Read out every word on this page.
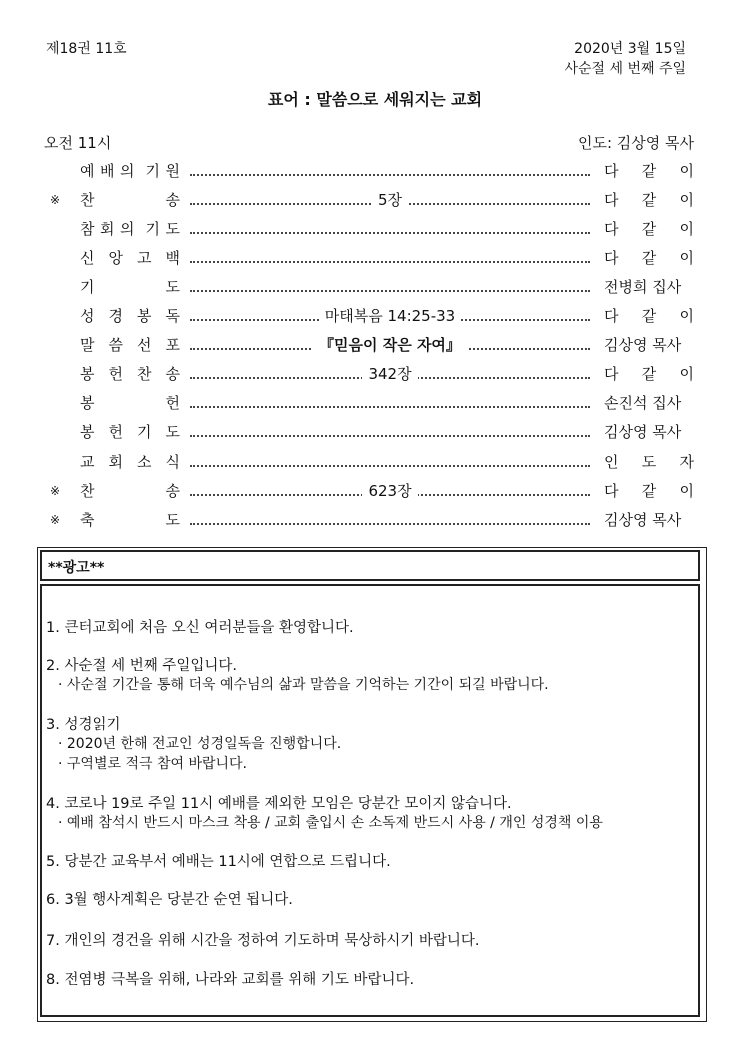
제18권 11호	2020년 3월 15일
사순절 세 번째 주일
표어 : 말씀으로 세워지는 교회
오전 11시	인도: 김상영 목사
예 배 의 기 원	다 같 이
※	찬	송	5장	다 같 이
참 회 의 기 도	다 같 이
신 앙 고 백	다 같 이
기	도	전병희 집사
성 경 봉 독	마태복음 14:25-33	다 같 이
말 씀 선 포	『믿음이 작은 자여』	김상영 목사
봉 헌 찬 송	342장	다 같 이
봉	헌	손진석 집사
봉 헌 기 도	김상영 목사
교 회 소 식	인 도 자
※	찬	송	623장	다 같 이
※	축	도	김상영 목사
**광고**
1. 큰터교회에 처음 오신 여러분들을 환영합니다.
2. 사순절 세 번째 주일입니다.
· 사순절 기간을 통해 더욱 예수님의 삶과 말씀을 기억하는 기간이 되길 바랍니다.
3. 성경읽기
· 2020년 한해 전교인 성경일독을 진행합니다.
· 구역별로 적극 참여 바랍니다.
4. 코로나 19로 주일 11시 예배를 제외한 모임은 당분간 모이지 않습니다.
· 예배 참석시 반드시 마스크 착용 / 교회 출입시 손 소독제 반드시 사용 / 개인 성경책 이용
5. 당분간 교육부서 예배는 11시에 연합으로 드립니다.
6. 3월 행사계획은 당분간 순연 됩니다.
7. 개인의 경건을 위해 시간을 정하여 기도하며 묵상하시기 바랍니다.
8. 전염병 극복을 위해, 나라와 교회를 위해 기도 바랍니다.
